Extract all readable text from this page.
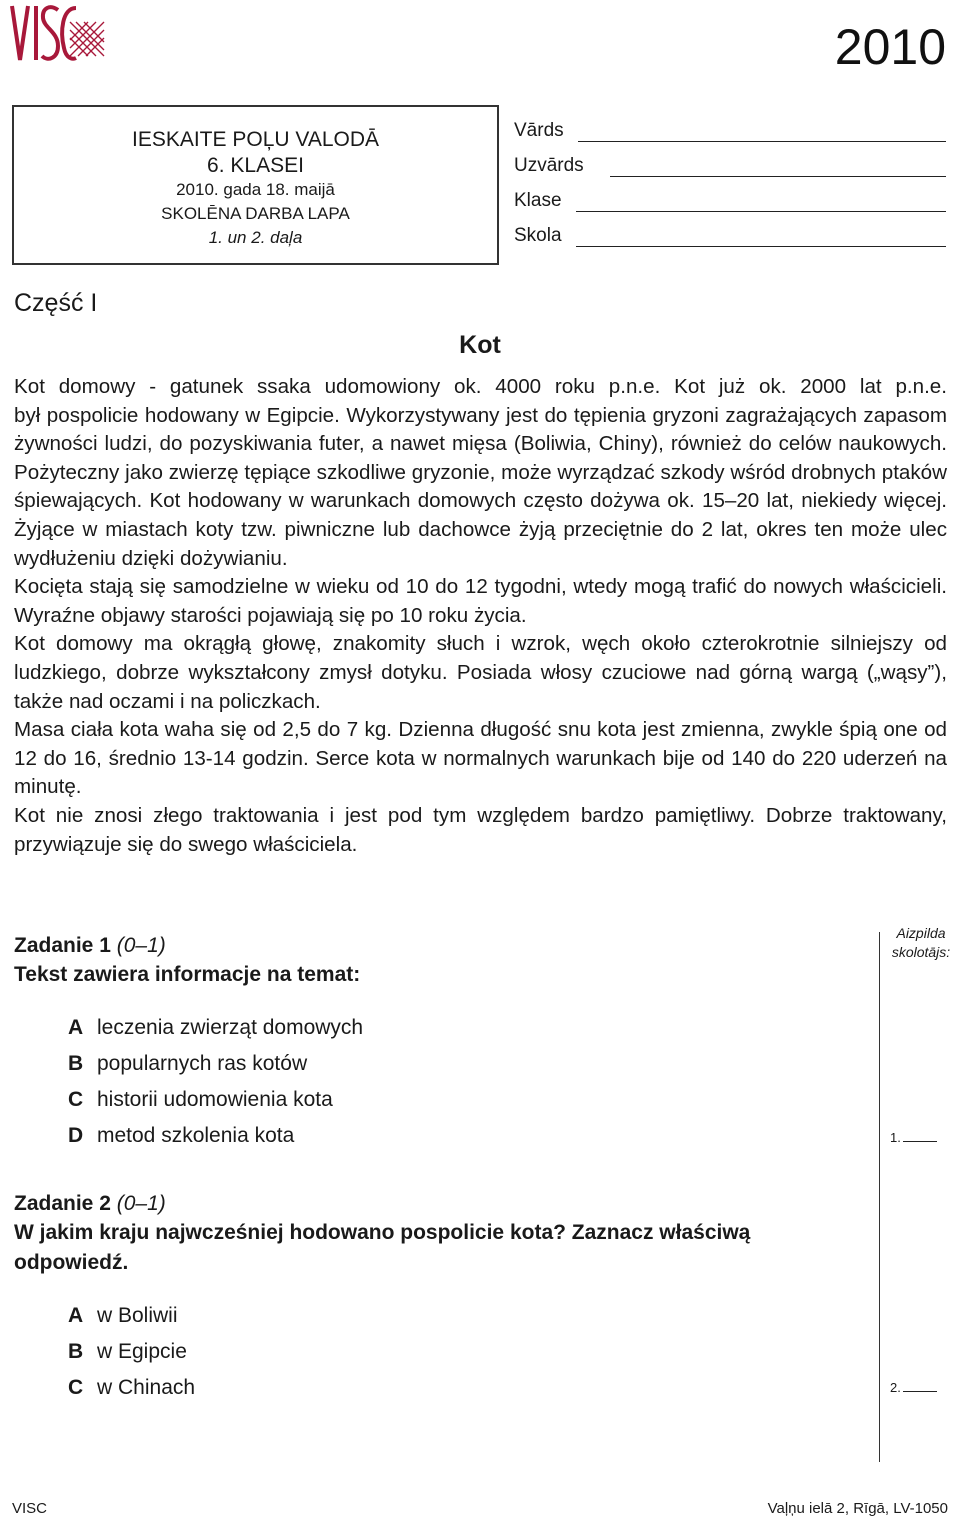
2010
IESKAITE POĻU VALODĀ
6. KLASEI
2010. gada 18. maijā
SKOLĒNA DARBA LAPA
1. un 2. daļa
Vārds
Uzvārds
Klase
Skola
Część I
Kot

Kot domowy - gatunek ssaka udomowiony ok. 4000 roku p.n.e. Kot już ok. 2000 lat p.n.e.

był pospolicie hodowany w Egipcie. Wykorzystywany jest do tępienia gryzoni zagrażających zapasom żywności ludzi, do pozyskiwania futer, a nawet mięsa (Boliwia, Chiny), również do celów naukowych. Pożyteczny jako zwierzę tępiące szkodliwe gryzonie, może wyrządzać szkody wśród drobnych ptaków śpiewających. Kot hodowany w warunkach domowych często dożywa ok. 15–20 lat, niekiedy więcej. Żyjące w miastach koty tzw. piwniczne lub dachowce żyją przeciętnie do 2 lat, okres ten może ulec wydłużeniu dzięki dożywianiu.

Kocięta stają się samodzielne w wieku od 10 do 12 tygodni, wtedy mogą trafić do nowych właścicieli. Wyraźne objawy starości pojawiają się po 10 roku życia.

Kot domowy ma okrągłą głowę, znakomity słuch i wzrok, węch około czterokrotnie silniejszy od ludzkiego, dobrze wykształcony zmysł dotyku. Posiada włosy czuciowe nad górną wargą („wąsy”), także nad oczami i na policzkach.

Masa ciała kota waha się od 2,5 do 7 kg. Dzienna długość snu kota jest zmienna, zwykle śpią one od 12 do 16, średnio 13-14 godzin. Serce kota w normalnych warunkach bije od 140 do 220 uderzeń na minutę.

Kot nie znosi złego traktowania i jest pod tym względem bardzo pamiętliwy. Dobrze traktowany, przywiązuje się do swego właściciela.

Aizpilda
skolotājs:
Zadanie 1 (0–1)
Tekst zawiera informacje na temat:
A leczenia zwierząt domowych
B popularnych ras kotów
C historii udomowienia kota
D metod szkolenia kota	1.
Zadanie 2 (0–1)
W jakim kraju najwcześniej hodowano pospolicie kota? Zaznacz właściwą odpowiedź.
A w Boliwii
B w Egipcie
C w Chinach	2.
VISC	Vaļņu ielā 2, Rīgā, LV-1050
